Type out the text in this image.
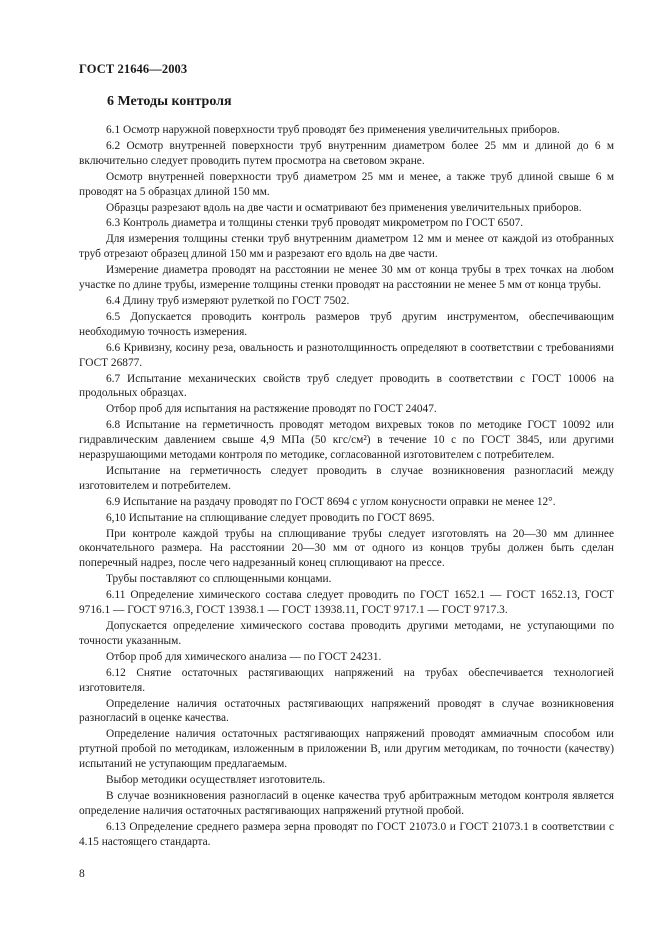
ГОСТ 21646—2003
6 Методы контроля

6.1 Осмотр наружной поверхности труб проводят без применения увеличительных приборов.

6.2 Осмотр внутренней поверхности труб внутренним диаметром более 25 мм и длиной до 6 м включительно следует проводить путем просмотра на световом экране.

Осмотр внутренней поверхности труб диаметром 25 мм и менее, а также труб длиной свыше 6 м проводят на 5 образцах длиной 150 мм.

Образцы разрезают вдоль на две части и осматривают без применения увеличительных приборов.

6.3 Контроль диаметра и толщины стенки труб проводят микрометром по ГОСТ 6507.

Для измерения толщины стенки труб внутренним диаметром 12 мм и менее от каждой из отобранных труб отрезают образец длиной 150 мм и разрезают его вдоль на две части.

Измерение диаметра проводят на расстоянии не менее 30 мм от конца трубы в трех точках на любом участке по длине трубы, измерение толщины стенки проводят на расстоянии не менее 5 мм от конца трубы.

6.4 Длину труб измеряют рулеткой по ГОСТ 7502.

6.5 Допускается проводить контроль размеров труб другим инструментом, обеспечивающим необходимую точность измерения.

6.6 Кривизну, косину реза, овальность и разнотолщинность определяют в соответствии с требованиями ГОСТ 26877.

6.7 Испытание механических свойств труб следует проводить в соответствии с ГОСТ 10006 на продольных образцах.

Отбор проб для испытания на растяжение проводят по ГОСТ 24047.

6.8 Испытание на герметичность проводят методом вихревых токов по методике ГОСТ 10092 или гидравлическим давлением свыше 4,9 МПа (50 кгс/см²) в течение 10 с по ГОСТ 3845, или другими неразрушающими методами контроля по методике, согласованной изготовителем с потребителем.

Испытание на герметичность следует проводить в случае возникновения разногласий между изготовителем и потребителем.

6.9 Испытание на раздачу проводят по ГОСТ 8694 с углом конусности оправки не менее 12°.

6,10 Испытание на сплющивание следует проводить по ГОСТ 8695.

При контроле каждой трубы на сплющивание трубы следует изготовлять на 20—30 мм длиннее окончательного размера. На расстоянии 20—30 мм от одного из концов трубы должен быть сделан поперечный надрез, после чего надрезанный конец сплющивают на прессе.

Трубы поставляют со сплющенными концами.

6.11 Определение химического состава следует проводить по ГОСТ 1652.1 — ГОСТ 1652.13, ГОСТ 9716.1 — ГОСТ 9716.3, ГОСТ 13938.1 — ГОСТ 13938.11, ГОСТ 9717.1 — ГОСТ 9717.3.

Допускается определение химического состава проводить другими методами, не уступающими по точности указанным.

Отбор проб для химического анализа — по ГОСТ 24231.

6.12 Снятие остаточных растягивающих напряжений на трубах обеспечивается технологией изготовителя.

Определение наличия остаточных растягивающих напряжений проводят в случае возникновения разногласий в оценке качества.

Определение наличия остаточных растягивающих напряжений проводят аммиачным способом или ртутной пробой по методикам, изложенным в приложении В, или другим методикам, по точности (качеству) испытаний не уступающим предлагаемым.

Выбор методики осуществляет изготовитель.

В случае возникновения разногласий в оценке качества труб арбитражным методом контроля является определение наличия остаточных растягивающих напряжений ртутной пробой.

6.13 Определение среднего размера зерна проводят по ГОСТ 21073.0 и ГОСТ 21073.1 в соответствии с 4.15 настоящего стандарта.

8
